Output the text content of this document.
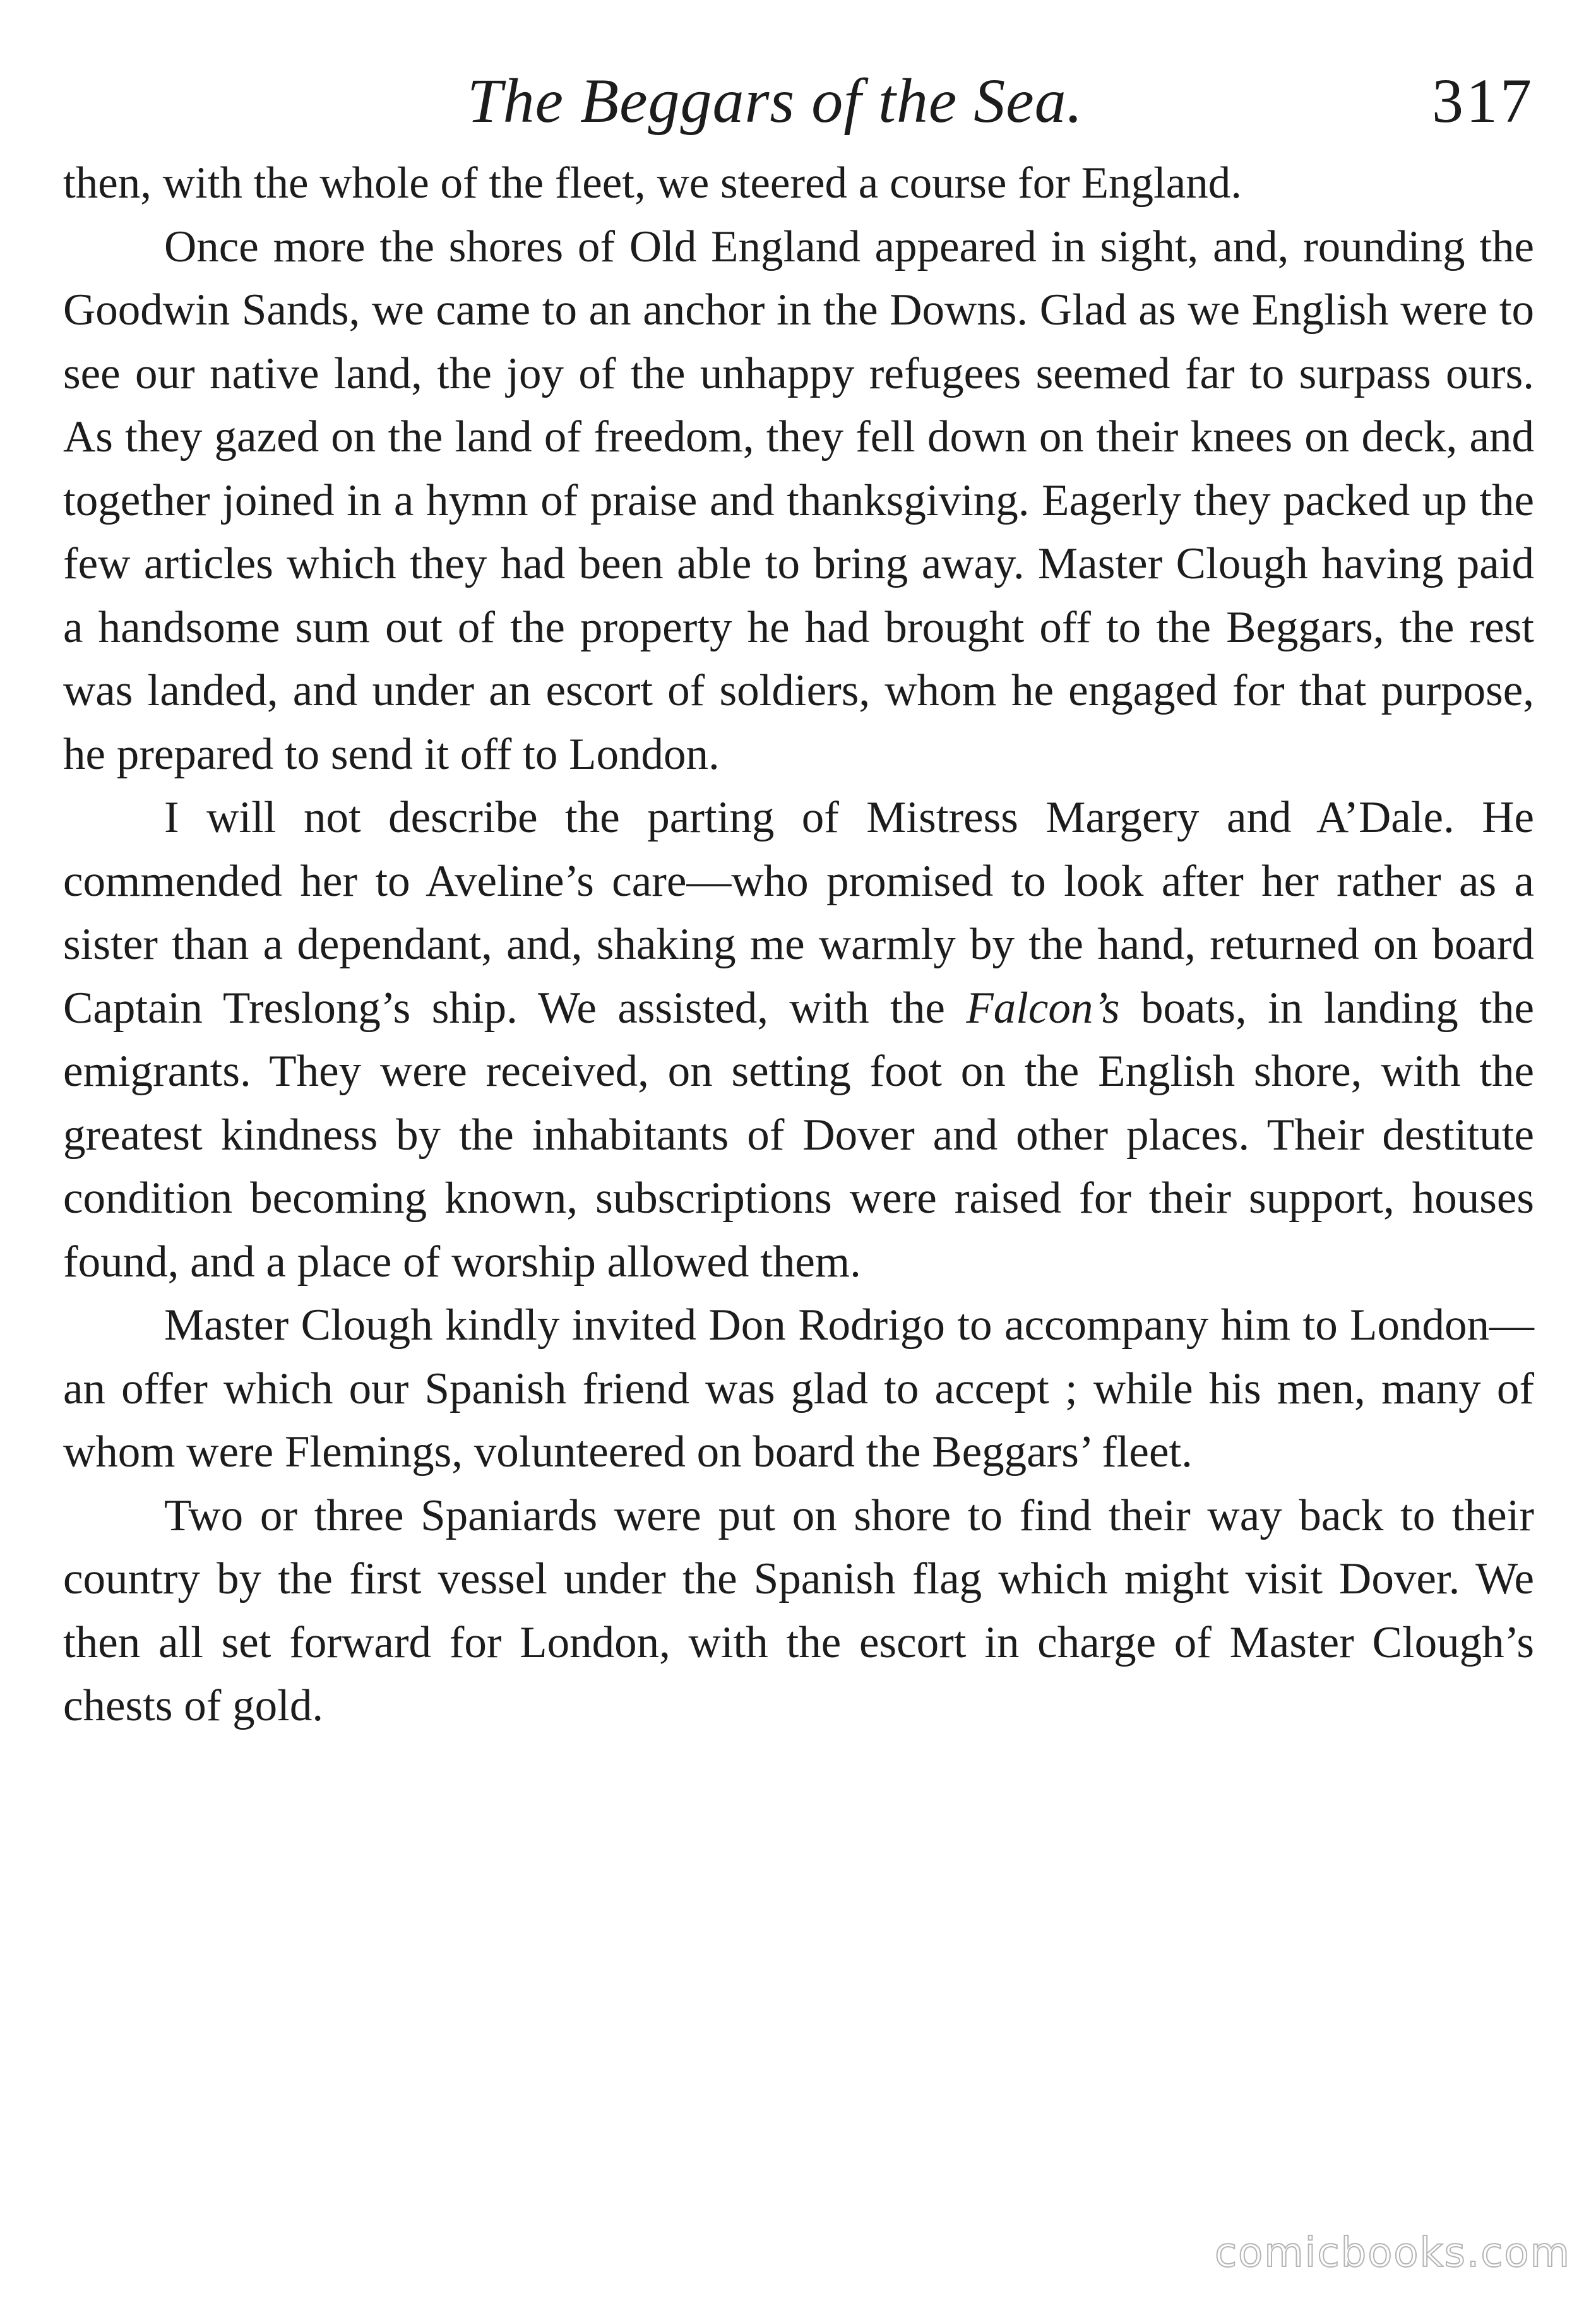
The Beggars of the Sea.	317

then, with the whole of the fleet, we steered a course for England.

Once more the shores of Old England appeared in sight, and, rounding the Goodwin Sands, we came to an anchor in the Downs. Glad as we English were to see our native land, the joy of the unhappy refugees seemed far to surpass ours. As they gazed on the land of freedom, they fell down on their knees on deck, and together joined in a hymn of praise and thanksgiving. Eagerly they packed up the few articles which they had been able to bring away. Master Clough having paid a handsome sum out of the property he had brought off to the Beggars, the rest was landed, and under an escort of soldiers, whom he engaged for that purpose, he prepared to send it off to London.

I will not describe the parting of Mistress Margery and A’Dale. He commended her to Aveline’s care—who promised to look after her rather as a sister than a dependant, and, shaking me warmly by the hand, returned on board Captain Treslong’s ship. We assisted, with the Falcon’s boats, in landing the emigrants. They were received, on setting foot on the English shore, with the greatest kindness by the inhabitants of Dover and other places. Their destitute condition becoming known, subscriptions were raised for their support, houses found, and a place of worship allowed them.

Master Clough kindly invited Don Rodrigo to accompany him to London—an offer which our Spanish friend was glad to accept ; while his men, many of whom were Flemings, volunteered on board the Beggars’ fleet.

Two or three Spaniards were put on shore to find their way back to their country by the first vessel under the Spanish flag which might visit Dover. We then all set forward for London, with the escort in charge of Master Clough’s chests of gold.

comicbooks.com
